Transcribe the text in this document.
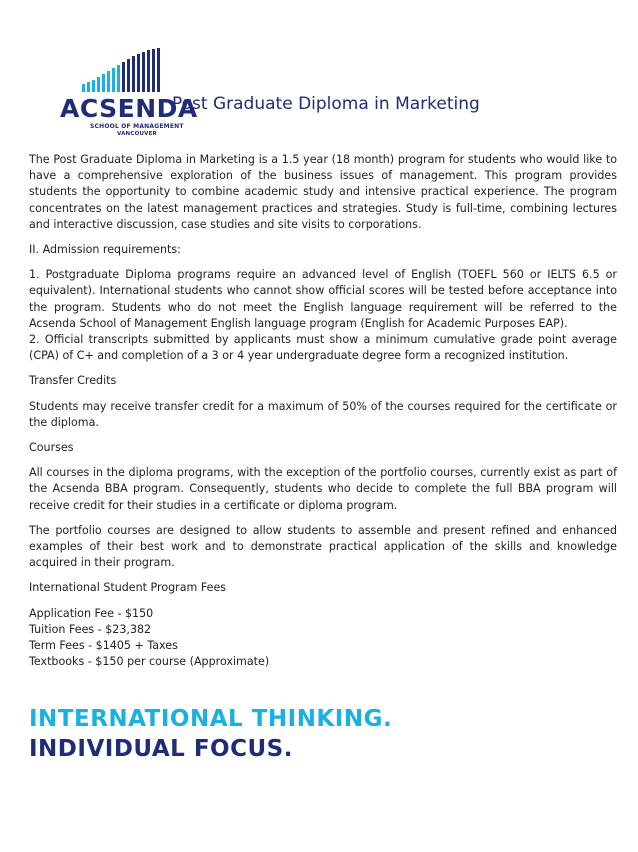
ACSENDA
SCHOOL OF MANAGEMENT
VANCOUVER
Post Graduate Diploma in Marketing

The Post Graduate Diploma in Marketing is a 1.5 year (18 month) program for students who would like to have a comprehensive exploration of the business issues of management. This program provides students the opportunity to combine academic study and intensive practical experience. The program concentrates on the latest management practices and strategies. Study is full-time, combining lectures and interactive discussion, case studies and site visits to corporations.

II. Admission requirements:

1. Postgraduate Diploma programs require an advanced level of English (TOEFL 560 or IELTS 6.5 or equivalent). International students who cannot show official scores will be tested before acceptance into the program. Students who do not meet the English language requirement will be referred to the Acsenda School of Management English language program (English for Academic Purposes EAP).

2. Official transcripts submitted by applicants must show a minimum cumulative grade point average (CPA) of C+ and completion of a 3 or 4 year undergraduate degree form a recognized institution.

Transfer Credits

Students may receive transfer credit for a maximum of 50% of the courses required for the certificate or the diploma.

Courses

All courses in the diploma programs, with the exception of the portfolio courses, currently exist as part of the Acsenda BBA program. Consequently, students who decide to complete the full BBA program will receive credit for their studies in a certificate or diploma program.

The portfolio courses are designed to allow students to assemble and present refined and enhanced examples of their best work and to demonstrate practical application of the skills and knowledge acquired in their program.

International Student Program Fees

Application Fee - $150

Tuition Fees - $23,382

Term Fees - $1405 + Taxes

Textbooks - $150 per course (Approximate)

INTERNATIONAL THINKING.
INDIVIDUAL FOCUS.
